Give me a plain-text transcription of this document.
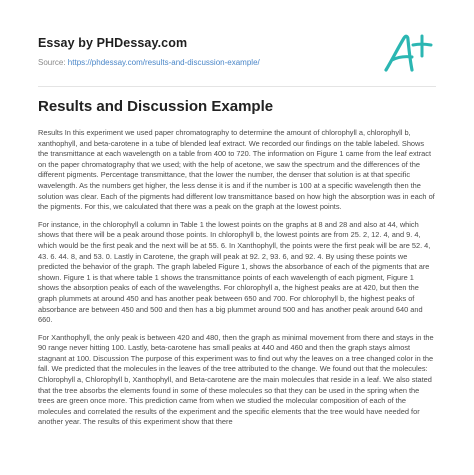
Essay by PHDessay.com
Source: https://phdessay.com/results-and-discussion-example/
Results and Discussion Example

Results In this experiment we used paper chromatography to determine the amount of chlorophyll a, chlorophyll b, xanthophyll, and beta-carotene in a tube of blended leaf extract. We recorded our findings on the table labeled. Shows the transmittance at each wavelength on a table from 400 to 720. The information on Figure 1 came from the leaf extract on the paper chromatography that we used; with the help of acetone, we saw the spectrum and the differences of the different pigments. Percentage transmittance, that the lower the number, the denser that solution is at that specific wavelength. As the numbers get higher, the less dense it is and if the number is 100 at a specific wavelength then the solution was clear. Each of the pigments had different low transmittance based on how high the absorption was in each of the pigments. For this, we calculated that there was a peak on the graph at the lowest points.

For instance, in the chlorophyll a column in Table 1 the lowest points on the graphs at 8 and 28 and also at 44, which shows that there will be a peak around those points. In chlorophyll b, the lowest points are from 25. 2, 12. 4, and 9. 4, which would be the first peak and the next will be at 55. 6. In Xanthophyll, the points were the first peak will be are 52. 4, 43. 6. 44. 8, and 53. 0. Lastly in Carotene, the graph will peak at 92. 2, 93. 6, and 92. 4. By using these points we predicted the behavior of the graph. The graph labeled Figure 1, shows the absorbance of each of the pigments that are shown. Figure 1 is that where table 1 shows the transmittance points of each wavelength of each pigment, Figure 1 shows the absorption peaks of each of the wavelengths. For chlorophyll a, the highest peaks are at 420, but then the graph plummets at around 450 and has another peak between 650 and 700. For chlorophyll b, the highest peaks of absorbance are between 450 and 500 and then has a big plummet around 500 and has another peak around 640 and 660.

For Xanthophyll, the only peak is between 420 and 480, then the graph as minimal movement from there and stays in the 90 range never hitting 100. Lastly, beta-carotene has small peaks at 440 and 460 and then the graph stays almost stagnant at 100. Discussion The purpose of this experiment was to find out why the leaves on a tree changed color in the fall. We predicted that the molecules in the leaves of the tree attributed to the change. We found out that the molecules: Chlorophyll a, Chlorophyll b, Xanthophyll, and Beta-carotene are the main molecules that reside in a leaf. We also stated that the tree absorbs the elements found in some of these molecules so that they can be used in the spring when the trees are green once more. This prediction came from when we studied the molecular composition of each of the molecules and correlated the results of the experiment and the specific elements that the tree would have needed for another year. The results of this experiment show that there
